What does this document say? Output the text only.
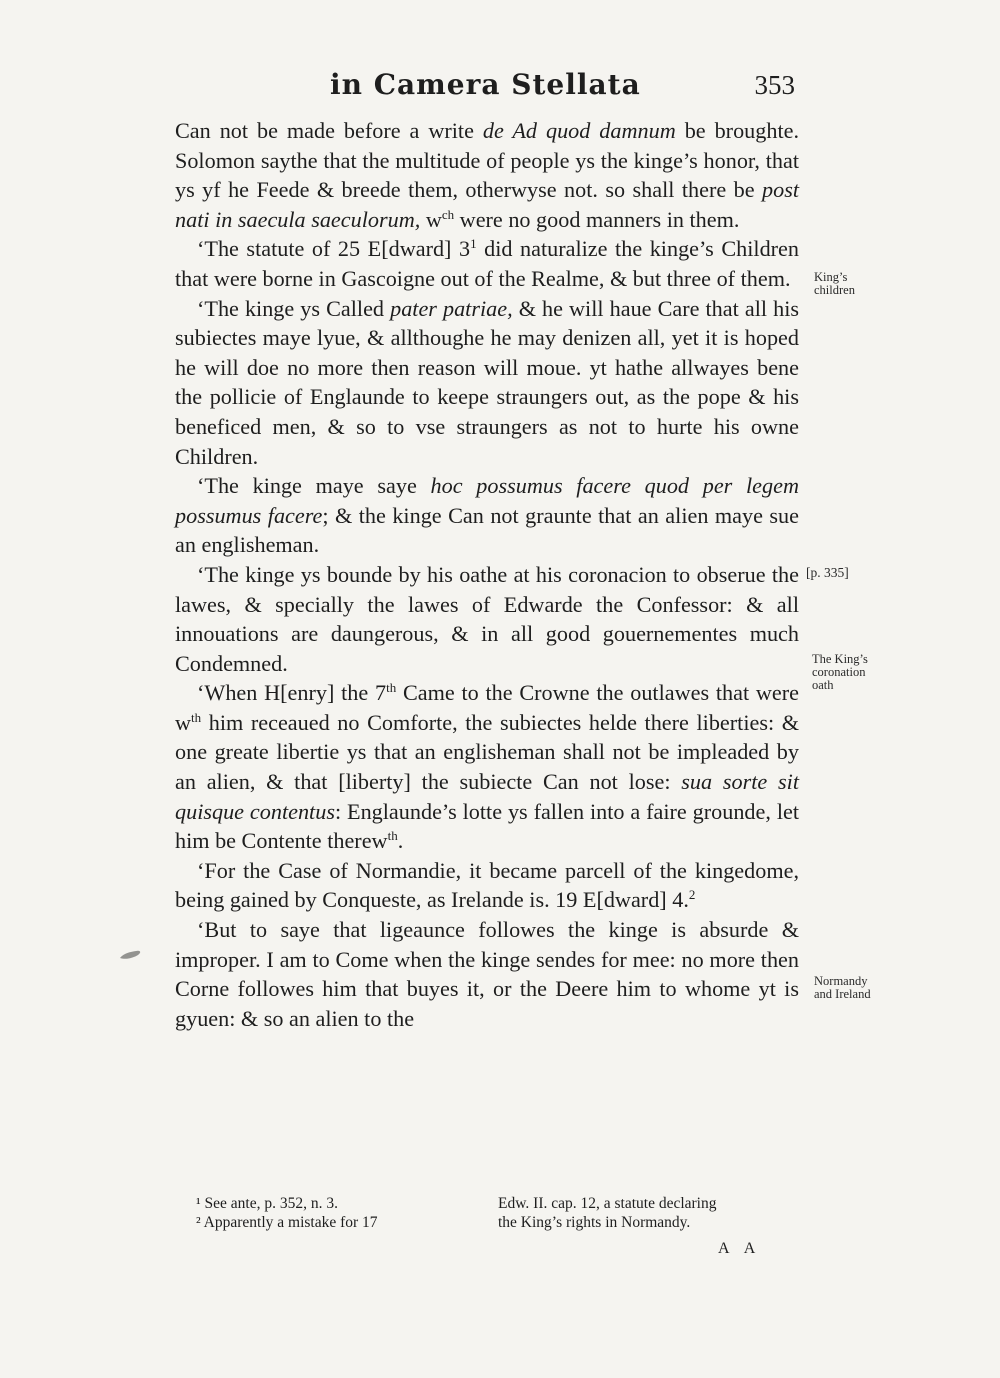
in Camera Stellata	353

Can not be made before a write de Ad quod damnum be broughte. Solomon saythe that the multitude of people ys the kinge’s honor, that ys yf he Feede & breede them, otherwyse not. so shall there be post nati in saecula saeculorum, $w^{ch}$ were no good manners in them.

‘The statute of 25 E[dward] $3^1$ did naturalize the kinge’s Children that were borne in Gascoigne out of the Realme, & but three of them.

‘The kinge ys Called pater patriae, & he will haue Care that all his subiectes maye lyue, & allthoughe he may denizen all, yet it is hoped he will doe no more then reason will moue. yt hathe allwayes bene the pollicie of Englaunde to keepe straungers out, as the pope & his beneficed men, & so to vse straungers as not to hurte his owne Children.

‘The kinge maye saye hoc possumus facere quod per legem possumus facere; & the kinge Can not graunte that an alien maye sue an englisheman.

‘The kinge ys bounde by his oathe at his coronacion to obserue the lawes, & specially the lawes of Edwarde the Confessor: & all innouations are daungerous, & in all good gouernementes much Condemned.

‘When H[enry] the 7th Came to the Crowne the outlawes that were $w^{th}$ him receaued no Comforte, the subiectes helde there liberties: & one greate libertie ys that an englisheman shall not be impleaded by an alien, & that [liberty] the subiecte Can not lose: sua sorte sit quisque contentus: Englaunde’s lotte ys fallen into a faire grounde, let him be Contente therew$^{th}$.

‘For the Case of Normandie, it became parcell of the kingedome, being gained by Conqueste, as Irelande is. 19 E[dward] 4.$^2$

‘But to saye that ligeaunce followes the kinge is absurde & improper. I am to Come when the kinge sendes for mee: no more then Corne followes him that buyes it, or the Deere him to whome yt is gyuen: & so an alien to the

King’s
children
[p. 335]
The King’s
coronation
oath
Normandy
and Ireland
¹ See ante, p. 352, n. 3.
² Apparently a mistake for 17
Edw. II. cap. 12, a statute declaring
the King’s rights in Normandy.
A A
